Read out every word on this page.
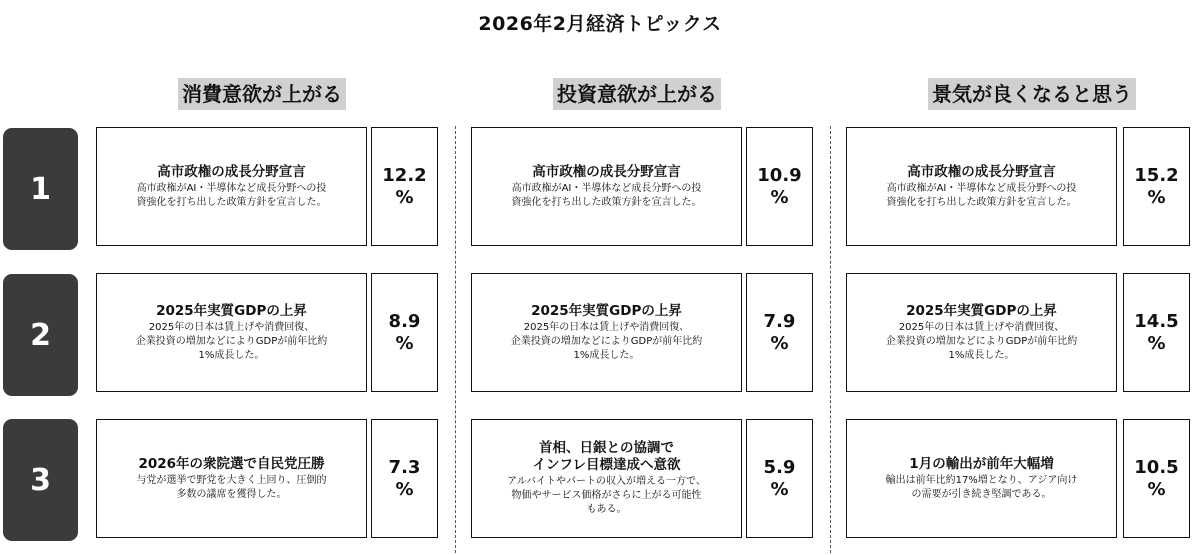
2026年2月経済トピックス
1
2
3
消費意欲が上がる
高市政権の成長分野宣言
高市政権がAI・半導体など成長分野への投
資強化を打ち出した政策方針を宣言した。
12.2
%
2025年実質GDPの上昇
2025年の日本は賃上げや消費回復、
企業投資の増加などによりGDPが前年比約
1%成長した。
8.9
%
2026年の衆院選で自民党圧勝
与党が選挙で野党を大きく上回り、圧倒的
多数の議席を獲得した。
7.3
%
投資意欲が上がる
高市政権の成長分野宣言
高市政権がAI・半導体など成長分野への投
資強化を打ち出した政策方針を宣言した。
10.9
%
2025年実質GDPの上昇
2025年の日本は賃上げや消費回復、
企業投資の増加などによりGDPが前年比約
1%成長した。
7.9
%
首相、日銀との協調で
インフレ目標達成へ意欲
アルバイトやパートの収入が増える一方で、
物価やサービス価格がさらに上がる可能性
もある。
5.9
%
景気が良くなると思う
高市政権の成長分野宣言
高市政権がAI・半導体など成長分野への投
資強化を打ち出した政策方針を宣言した。
15.2
%
2025年実質GDPの上昇
2025年の日本は賃上げや消費回復、
企業投資の増加などによりGDPが前年比約
1%成長した。
14.5
%
1月の輸出が前年大幅増
輸出は前年比約17%増となり、アジア向け
の需要が引き続き堅調である。
10.5
%
